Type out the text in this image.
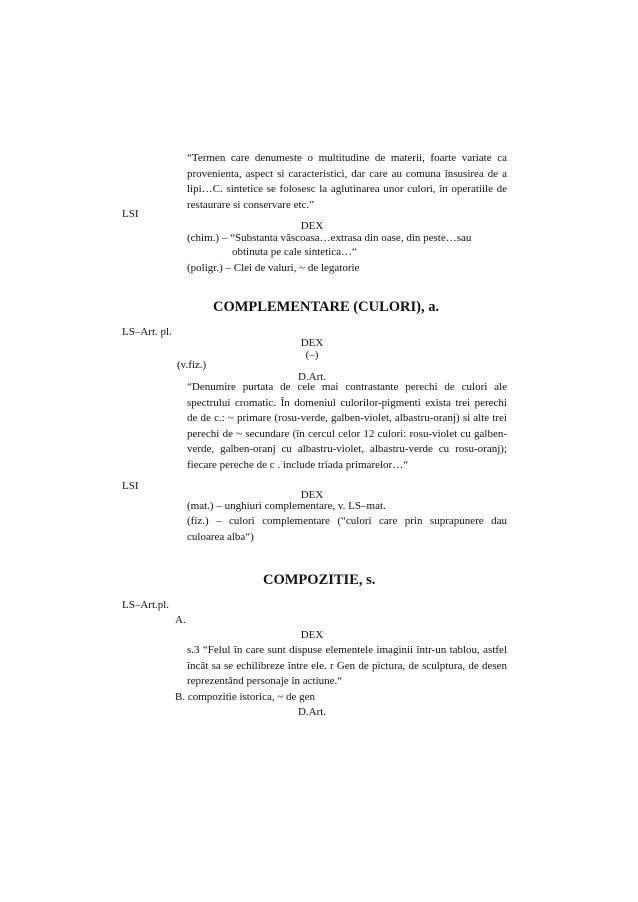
“Termen care denumeste o multitudine de materii, foarte variate ca provenienta, aspect si caracteristici, dar care au comuna însusirea de a lipi…C. sintetice se folosesc la aglutinarea unor culori, în operatiile de restaurare si conservare etc.”
LSI
DEX
(chim.) – “Substanta vâscoasa…extrasa din oase, din peste…sau
obtinuta pe cale sintetica…“
(poligr.) – Clei de valuri, ~ de legatorie
COMPLEMENTARE (CULORI), a.
LS–Art. pl.
DEX
(–)
(v.fiz.)
D.Art.
“Denumire purtata de cele mai contrastante perechi de culori ale spectrului cromatic. În domeniul culorilor-pigmenti exista trei perechi de de c.: ~ primare (rosu-verde, galben-violet, albastru-oranj) si alte trei perechi de ~ secundare (în cercul celor 12 culori: rosu-violet cu galben-verde, galben-oranj cu albastru-violet, albastru-verde cu rosu-oranj); fiecare pereche de c . include triada primarelor…“
LSI
DEX
(mat.) – unghiuri complementare, v. LS–mat.
(fiz.) – culori complementare (“culori care prin suprapunere dau culoarea alba“)
COMPOZITIE, s.
LS–Art.pl.
A.
DEX
s.3 “Felul în care sunt dispuse elementele imaginii într-un tablou, astfel încât sa se echilibreze între ele. r Gen de pictura, de sculptura, de desen reprezentând personaje în actiune.“
B. compozitie istorica, ~ de gen
D.Art.
